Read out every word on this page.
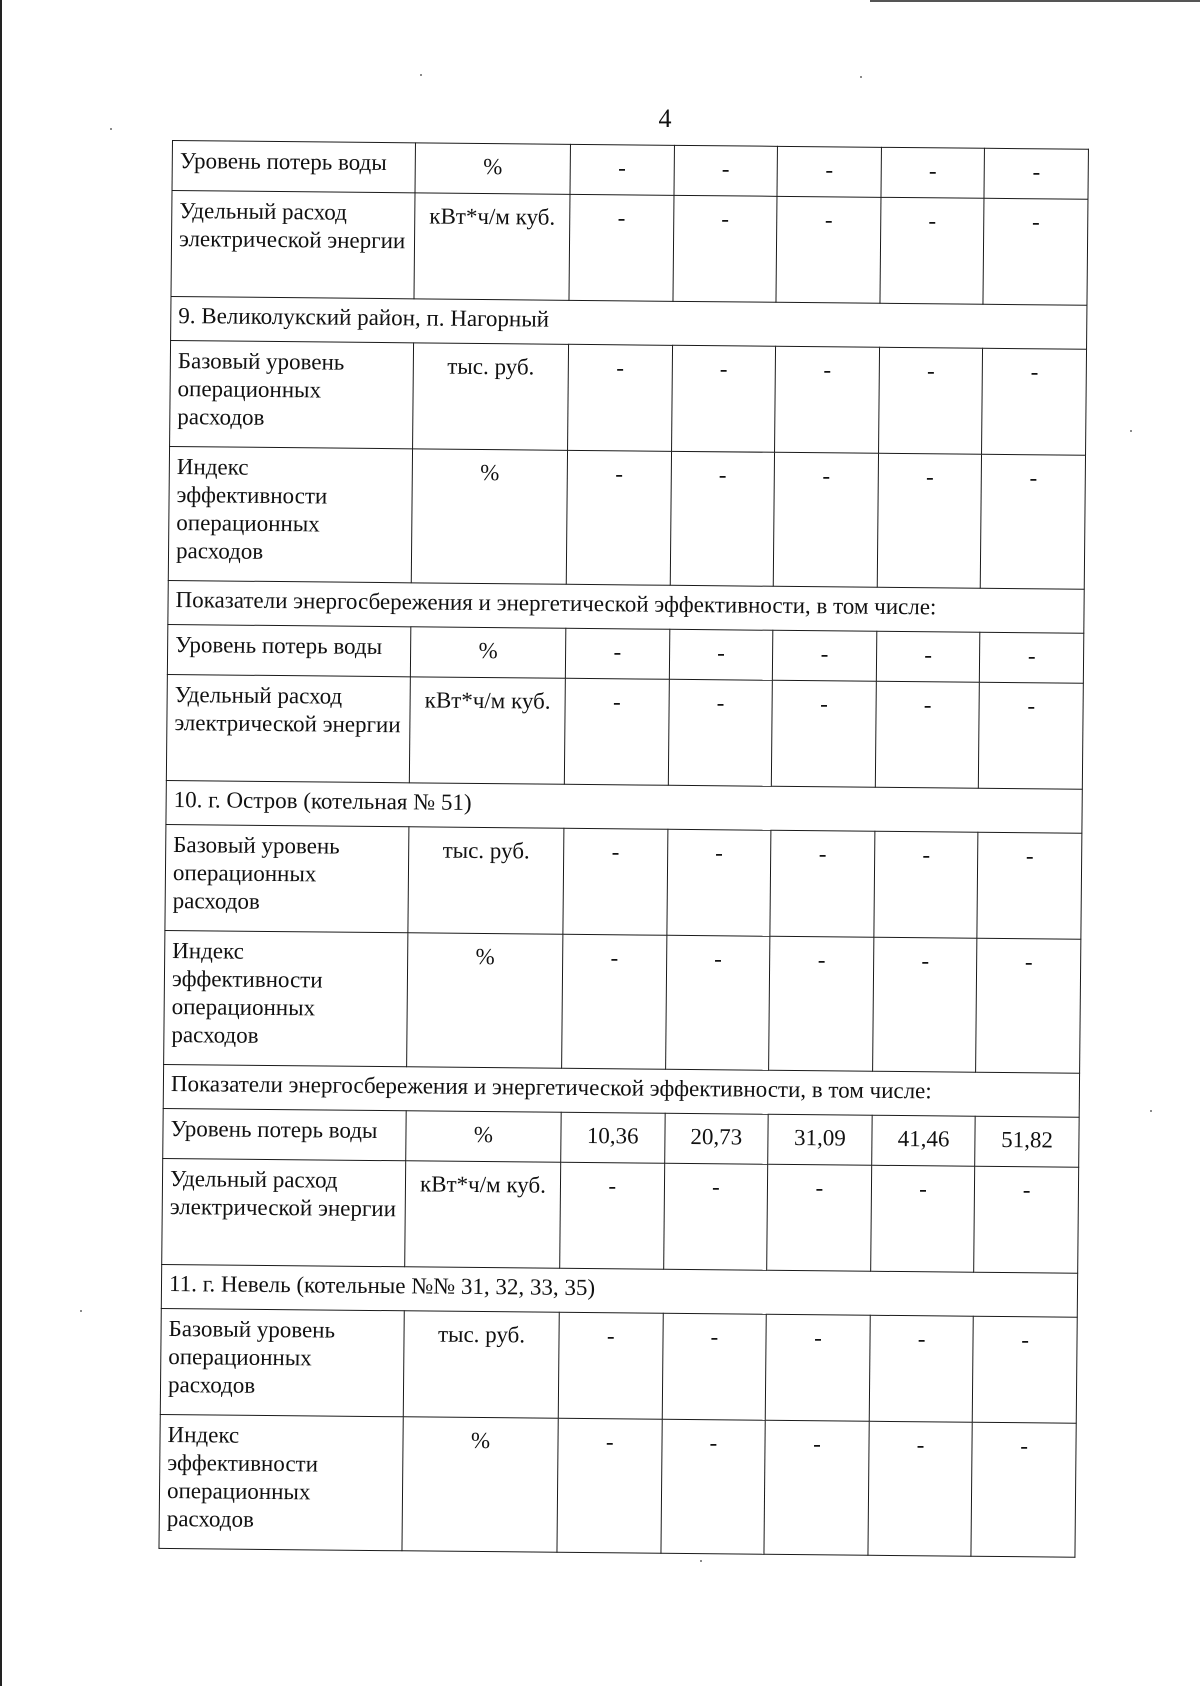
4
Уровень потерь воды	%	-	-	-	-	-
Удельный расход электрической энергии	кВт*ч/м куб.	-	-	-	-	-
9. Великолукский район, п. Нагорный						
Базовый уровень операционных расходов	тыс. руб.	-	-	-	-	-
Индекс эффективности операционных расходов	%	-	-	-	-	-
Показатели энергосбережения и энергетической эффективности, в том числе:						
Уровень потерь воды	%	-	-	-	-	-
Удельный расход электрической энергии	кВт*ч/м куб.	-	-	-	-	-
10. г. Остров (котельная № 51)						
Базовый уровень операционных расходов	тыс. руб.	-	-	-	-	-
Индекс эффективности операционных расходов	%	-	-	-	-	-
Показатели энергосбережения и энергетической эффективности, в том числе:						
Уровень потерь воды	%	10,36	20,73	31,09	41,46	51,82
Удельный расход электрической энергии	кВт*ч/м куб.	-	-	-	-	-
11. г. Невель (котельные №№ 31, 32, 33, 35)						
Базовый уровень операционных расходов	тыс. руб.	-	-	-	-	-
Индекс эффективности операционных расходов	%	-	-	-	-	-
